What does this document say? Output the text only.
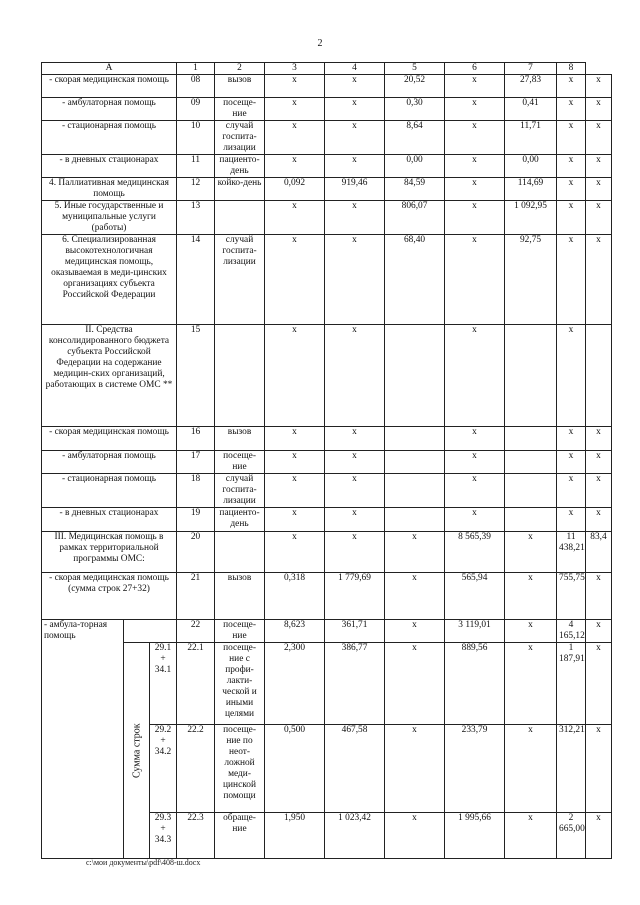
2
А			1	2	3	4	5	6	7	8	
- скорая медицинская помощь			08	вызов	х	х	20,52	х	27,83	х	х
- амбулаторная помощь			09	посеще-ние	х	х	0,30	х	0,41	х	х
- стационарная помощь			10	случай госпита-лизации	х	х	8,64	х	11,71	х	х
- в дневных стационарах			11	пациенто-день	х	х	0,00	х	0,00	х	х
4. Паллиативная медицинская помощь			12	койко-день	0,092	919,46	84,59	х	114,69	х	х
5. Иные государственные и муниципальные услуги (работы)			13		х	х	806,07	х	1 092,95	х	х
6. Специализированная высокотехнологичная медицинская помощь, оказываемая в меди-цинских организациях субъекта Российской Федерации			14	случай госпита-лизации	х	х	68,40	х	92,75	х	х
II. Средства консолидированного бюджета субъекта Российской Федерации на содержание медицин-ских организаций, работающих в системе ОМС **			15		х	х		х		х	
- скорая медицинская помощь			16	вызов	х	х		х		х	х
- амбулаторная помощь			17	посеще-ние	х	х		х		х	х
- стационарная помощь			18	случай госпита-лизации	х	х		х		х	х
- в дневных стационарах			19	пациенто-день	х	х		х		х	х
III. Медицинская помощь в рамках территориальной программы ОМС:			20		х	х	х	8 565,39	х	11 438,21	83,4
- скорая медицинская помощь (сумма строк 27+32)			21	вызов	0,318	1 779,69	х	565,94	х	755,75	х
- амбула-торная помощь			22	посеще-ние	8,623	361,71	х	3 119,01	х	4 165,12	х
	Сумма строк	29.1 + 34.1	22.1	посеще-ние с профи-лакти-ческой и иными целями	2,300	386,77	х	889,56	х	1 187,91	х
		29.2 + 34.2	22.2	посеще-ние по неот-ложной меди-цинской помощи	0,500	467,58	х	233,79	х	312,21	х
		29.3 + 34.3	22.3	обраще-ние	1,950	1 023,42	х	1 995,66	х	2 665,00	х
c:\мои документы\pdf\408-ш.docx
